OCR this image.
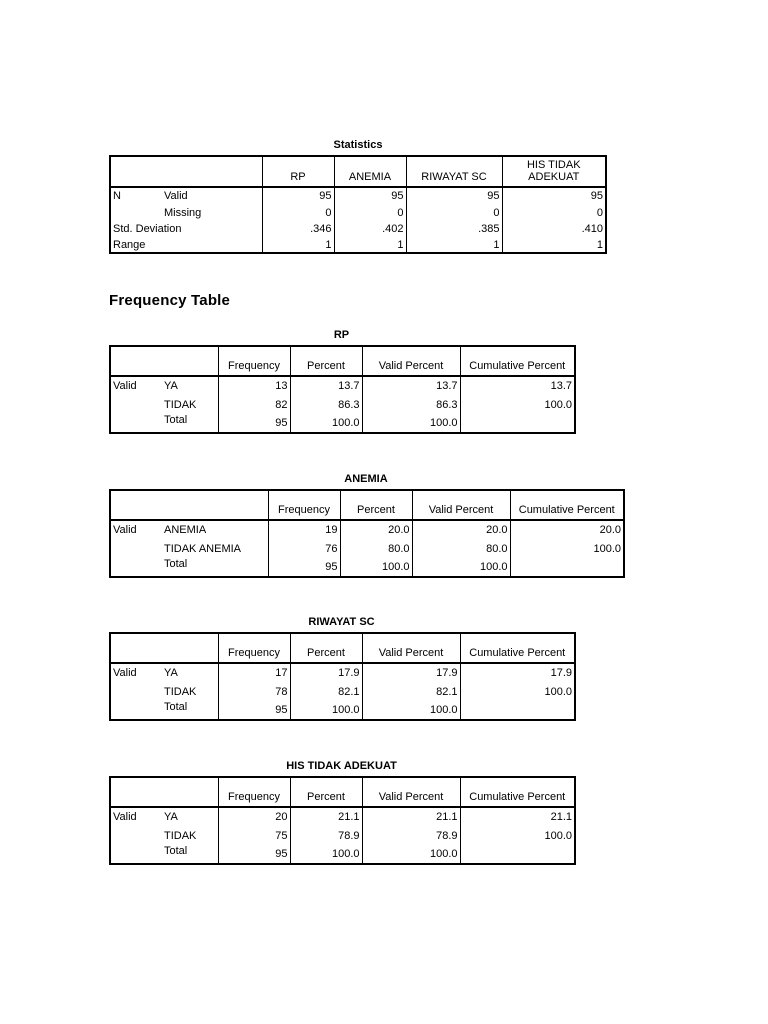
Statistics
		RP	ANEMIA	RIWAYAT SC	HIS TIDAK ADEKUAT
N	Valid	95	95	95	95
	Missing	0	0	0	0
Std. Deviation		.346	.402	.385	.410
Range		1	1	1	1
Frequency Table
RP
		Frequency	Percent	Valid Percent	Cumulative Percent
Valid	YA	13	13.7	13.7	13.7
	TIDAK	82	86.3	86.3	100.0
	Total	95	100.0	100.0	
ANEMIA
		Frequency	Percent	Valid Percent	Cumulative Percent
Valid	ANEMIA	19	20.0	20.0	20.0
	TIDAK ANEMIA	76	80.0	80.0	100.0
	Total	95	100.0	100.0	
RIWAYAT SC
		Frequency	Percent	Valid Percent	Cumulative Percent
Valid	YA	17	17.9	17.9	17.9
	TIDAK	78	82.1	82.1	100.0
	Total	95	100.0	100.0	
HIS TIDAK ADEKUAT
		Frequency	Percent	Valid Percent	Cumulative Percent
Valid	YA	20	21.1	21.1	21.1
	TIDAK	75	78.9	78.9	100.0
	Total	95	100.0	100.0	
